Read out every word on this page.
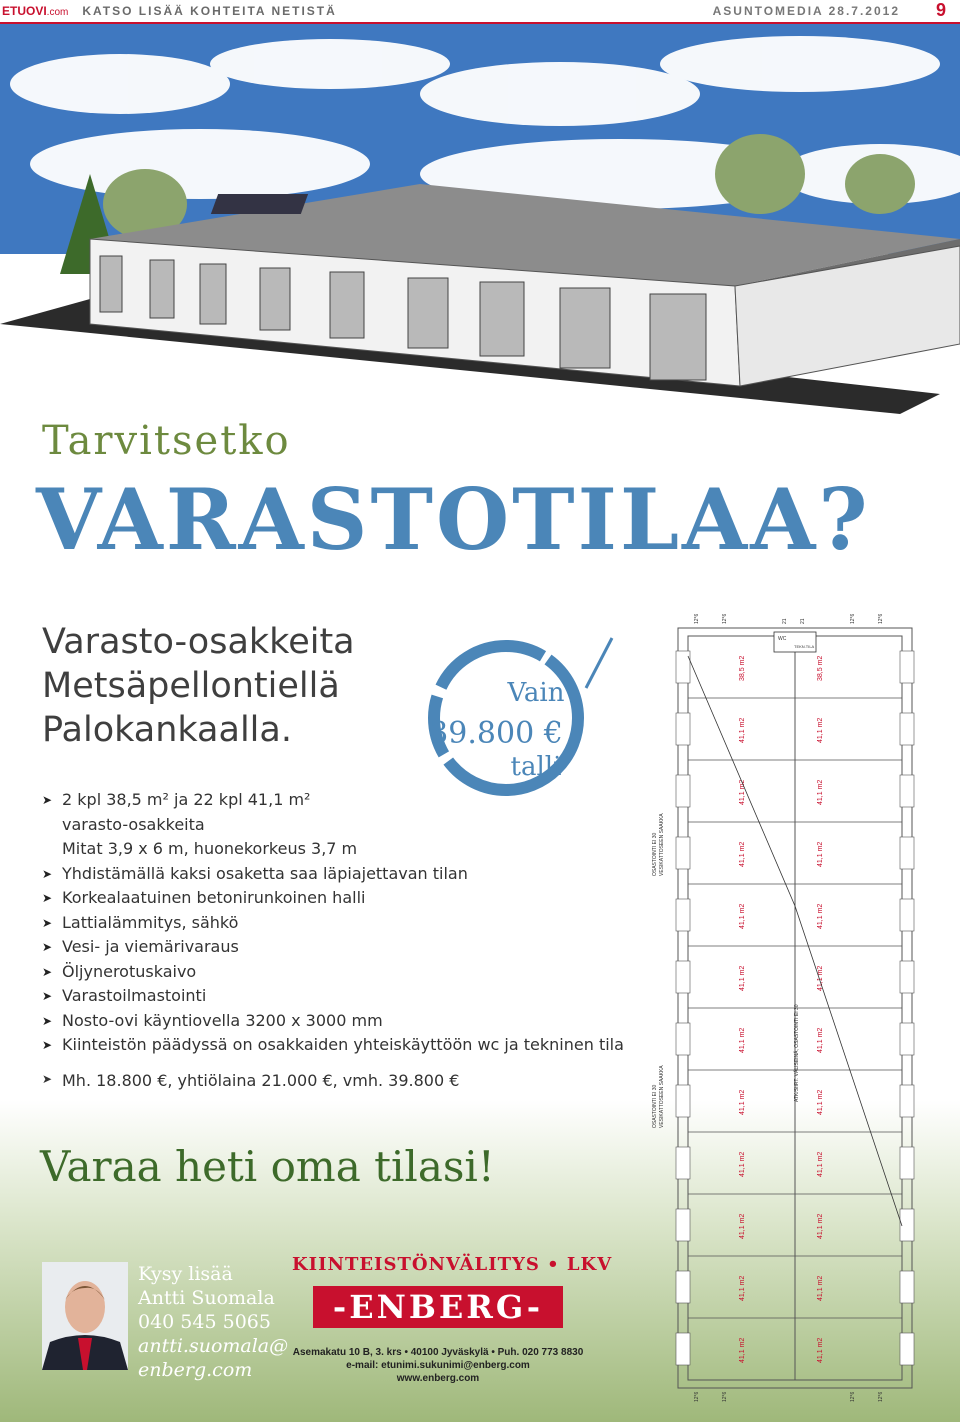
ETUOVI.com KATSO LISÄÄ KOHTEITA NETISTÄ	ASUNTOMEDIA 28.7.2012 9
Tarvitsetko
VARASTOTILAA?
Varasto-osakkeita
Metsäpellontiellä
Palokankaalla.
Vain
39.800 €
talli
➤ 2 kpl 38,5 m² ja 22 kpl 41,1 m²
varasto-osakkeita
Mitat 3,9 x 6 m, huonekorkeus 3,7 m
➤ Yhdistämällä kaksi osaketta saa läpiajettavan tilan
➤ Korkealaatuinen betonirunkoinen halli
➤ Lattialämmitys, sähkö
➤ Vesi- ja viemärivaraus
➤ Öljynerotuskaivo
➤ Varastoilmastointi
➤ Nosto-ovi käyntiovella 3200 x 3000 mm
➤ Kiinteistön päädyssä on osakkaiden yhteiskäyttöön wc ja tekninen tila
➤ Mh. 18.800 €, yhtiölaina 21.000 €, vmh. 39.800 €
Varaa heti oma tilasi!
Kysy lisää
Antti Suomala
040 545 5065
antti.suomala@
enberg.com
KIINTEISTÖNVÄLITYS • LKV
-ENBERG-
Asemakatu 10 B, 3. krs • 40100 Jyväskylä • Puh. 020 773 8830
e-mail: etunimi.sukunimi@enberg.com
www.enberg.com
38,5 m2	38,5 m2
41,1 m2	41,1 m2
41,1 m2	41,1 m2
41,1 m2	41,1 m2
41,1 m2	41,1 m2
41,1 m2	41,1 m2
41,1 m2	41,1 m2
41,1 m2	41,1 m2
41,1 m2	41,1 m2
41,1 m2	41,1 m2
41,1 m2	41,1 m2
41,1 m2	41,1 m2
WC
TEKN.TILA
12*6	12*6	21 21	12*6	12*6
12*6	12*6	12*6	12*6
OSASTOINTI EI 30 VESIKATTOSEEN SAAKKA
OSASTOINTI EI 30 VESIKATTOSEEN SAAKKA	ATK/SIIRT. VÄLISEINÄ, OSASTOINTI EI 30
